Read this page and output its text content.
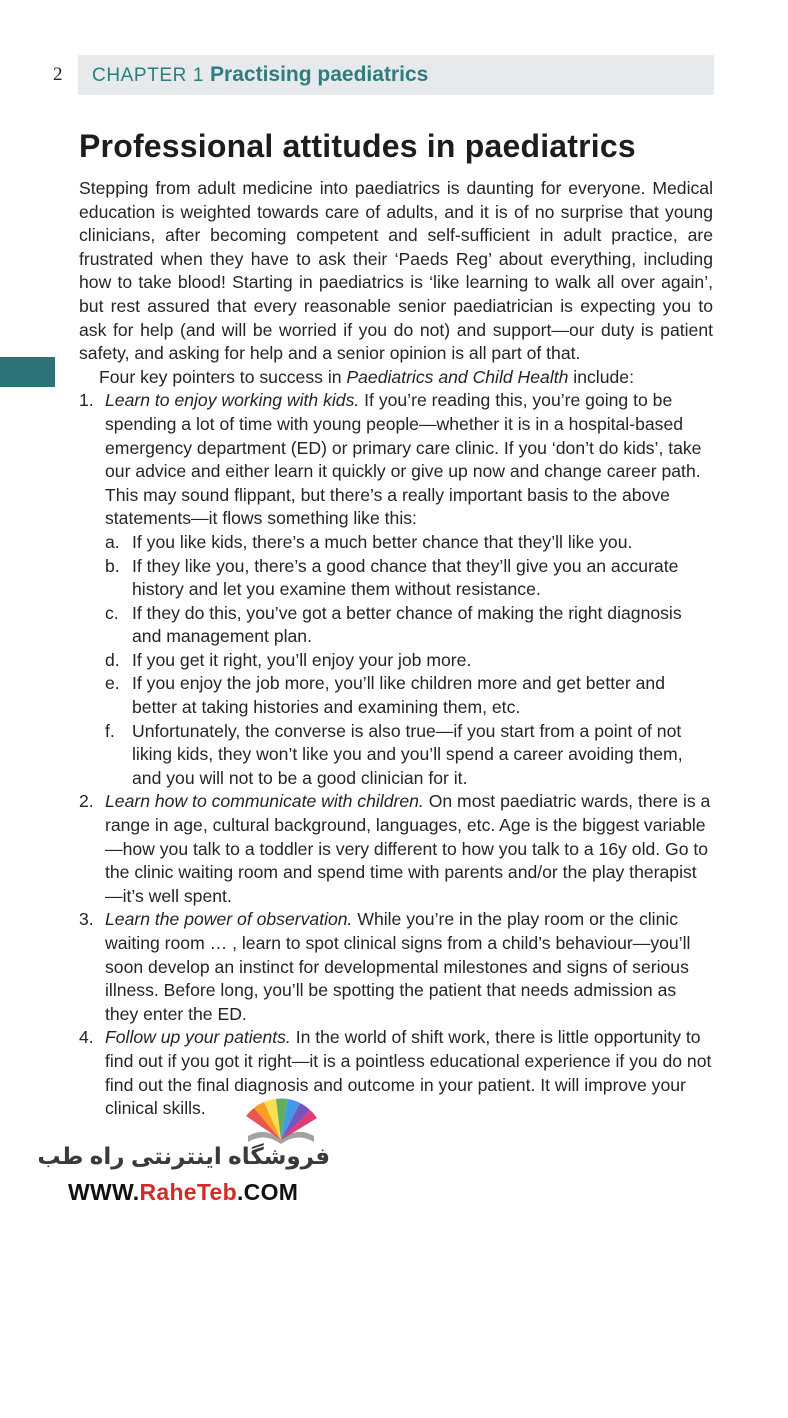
2	CHAPTER 1 Practising paediatrics
Professional attitudes in paediatrics

Stepping from adult medicine into paediatrics is daunting for everyone. Medical education is weighted towards care of adults, and it is of no surprise that young clinicians, after becoming competent and self-sufficient in adult practice, are frustrated when they have to ask their ‘Paeds Reg’ about everything, including how to take blood! Starting in paediatrics is ‘like learning to walk all over again’, but rest assured that every reasonable senior paediatrician is expecting you to ask for help (and will be worried if you do not) and support—our duty is patient safety, and asking for help and a senior opinion is all part of that.

Four key pointers to success in Paediatrics and Child Health include:

1. Learn to enjoy working with kids. If you’re reading this, you’re going to be spending a lot of time with young people—whether it is in a hospital-based emergency department (ED) or primary care clinic. If you ‘don’t do kids’, take our advice and either learn it quickly or give up now and change career path. This may sound flippant, but there’s a really important basis to the above statements—it flows something like this:
a. If you like kids, there’s a much better chance that they’ll like you.
b. If they like you, there’s a good chance that they’ll give you an accurate history and let you examine them without resistance.
c. If they do this, you’ve got a better chance of making the right diagnosis and management plan.
d. If you get it right, you’ll enjoy your job more.
e. If you enjoy the job more, you’ll like children more and get better and better at taking histories and examining them, etc.
f. Unfortunately, the converse is also true—if you start from a point of not liking kids, they won’t like you and you’ll spend a career avoiding them, and you will not to be a good clinician for it.
2. Learn how to communicate with children. On most paediatric wards, there is a range in age, cultural background, languages, etc. Age is the biggest variable—how you talk to a toddler is very different to how you talk to a 16y old. Go to the clinic waiting room and spend time with parents and/or the play therapist—it’s well spent.
3. Learn the power of observation. While you’re in the play room or the clinic waiting room … , learn to spot clinical signs from a child’s behaviour—you’ll soon develop an instinct for developmental milestones and signs of serious illness. Before long, you’ll be spotting the patient that needs admission as they enter the ED.
4. Follow up your patients. In the world of shift work, there is little opportunity to find out if you got it right—it is a pointless educational experience if you do not find out the final diagnosis and outcome in your patient. It will improve your clinical skills.
فروشگاه اینترنتی راه طب
WWW.RaheTeb.COM
